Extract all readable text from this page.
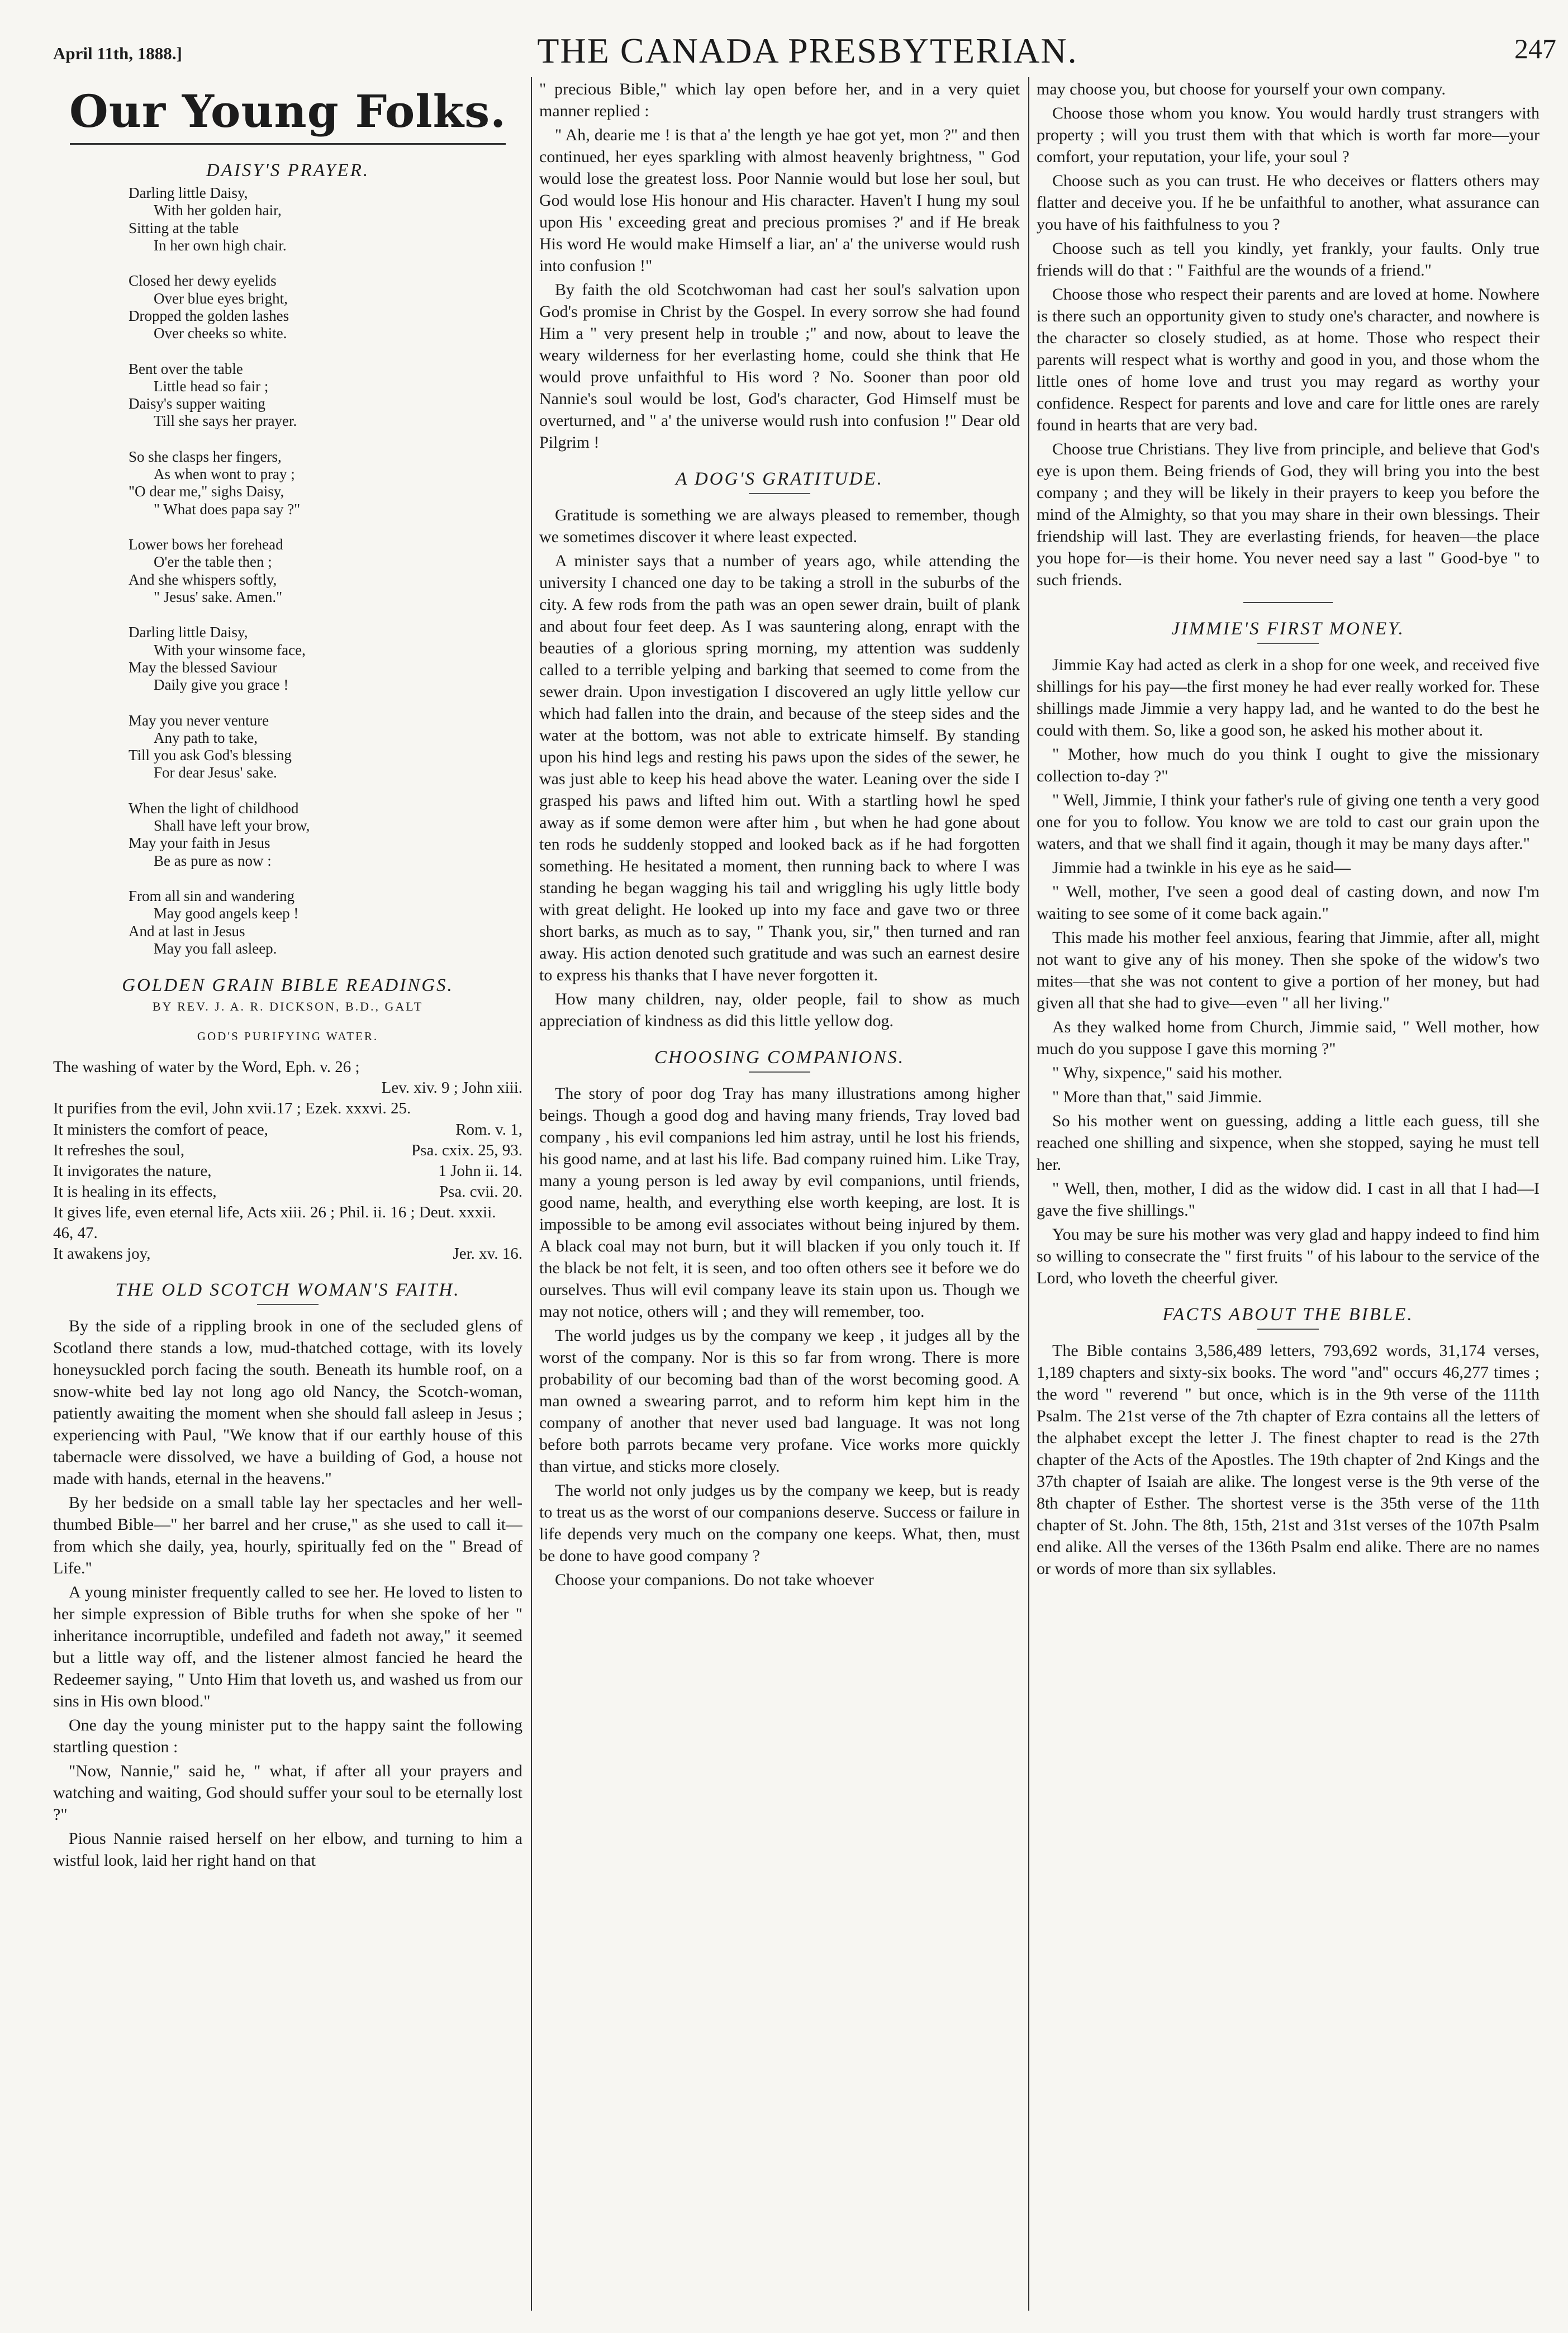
April 11th, 1888.]	THE CANADA PRESBYTERIAN.	247
Our Young Folks.
DAISY'S PRAYER.
Darling little Daisy,
With her golden hair,
Sitting at the table
In her own high chair.
Closed her dewy eyelids
Over blue eyes bright,
Dropped the golden lashes
Over cheeks so white.
Bent over the table
Little head so fair ;
Daisy's supper waiting
Till she says her prayer.
So she clasps her fingers,
As when wont to pray ;
"O dear me," sighs Daisy,
" What does papa say ?"
Lower bows her forehead
O'er the table then ;
And she whispers softly,
" Jesus' sake. Amen."
Darling little Daisy,
With your winsome face,
May the blessed Saviour
Daily give you grace !
May you never venture
Any path to take,
Till you ask God's blessing
For dear Jesus' sake.
When the light of childhood
Shall have left your brow,
May your faith in Jesus
Be as pure as now :
From all sin and wandering
May good angels keep !
And at last in Jesus
May you fall asleep.
GOLDEN GRAIN BIBLE READINGS.
BY REV. J. A. R. DICKSON, B.D., GALT
GOD'S PURIFYING WATER.
The washing of water by the Word, Eph. v. 26 ;
Lev. xiv. 9 ; John xiii.
It purifies from the evil, John xvii.17 ; Ezek. xxxvi. 25.
It ministers the comfort of peace,	Rom. v. 1,
It refreshes the soul,	Psa. cxix. 25, 93.
It invigorates the nature,	1 John ii. 14.
It is healing in its effects,	Psa. cvii. 20.
It gives life, even eternal life, Acts xiii. 26 ; Phil. ii. 16 ; Deut. xxxii. 46, 47.
It awakens joy,	Jer. xv. 16.
THE OLD SCOTCH WOMAN'S FAITH.

By the side of a rippling brook in one of the secluded glens of Scotland there stands a low, mud-thatched cottage, with its lovely honeysuckled porch facing the south. Beneath its humble roof, on a snow-white bed lay not long ago old Nancy, the Scotch-woman, patiently awaiting the moment when she should fall asleep in Jesus ; experiencing with Paul, "We know that if our earthly house of this tabernacle were dissolved, we have a building of God, a house not made with hands, eternal in the heavens."

By her bedside on a small table lay her spectacles and her well-thumbed Bible—" her barrel and her cruse," as she used to call it—from which she daily, yea, hourly, spiritually fed on the " Bread of Life."

A young minister frequently called to see her. He loved to listen to her simple expression of Bible truths for when she spoke of her " inheritance incorruptible, undefiled and fadeth not away," it seemed but a little way off, and the listener almost fancied he heard the Redeemer saying, " Unto Him that loveth us, and washed us from our sins in His own blood."

One day the young minister put to the happy saint the following startling question :

"Now, Nannie," said he, " what, if after all your prayers and watching and waiting, God should suffer your soul to be eternally lost ?"

Pious Nannie raised herself on her elbow, and turning to him a wistful look, laid her right hand on that

" precious Bible," which lay open before her, and in a very quiet manner replied :

" Ah, dearie me ! is that a' the length ye hae got yet, mon ?" and then continued, her eyes sparkling with almost heavenly brightness, " God would lose the greatest loss. Poor Nannie would but lose her soul, but God would lose His honour and His character. Haven't I hung my soul upon His ' exceeding great and precious promises ?' and if He break His word He would make Himself a liar, an' a' the universe would rush into confusion !"

By faith the old Scotchwoman had cast her soul's salvation upon God's promise in Christ by the Gospel. In every sorrow she had found Him a " very present help in trouble ;" and now, about to leave the weary wilderness for her everlasting home, could she think that He would prove unfaithful to His word ? No. Sooner than poor old Nannie's soul would be lost, God's character, God Himself must be overturned, and " a' the universe would rush into confusion !" Dear old Pilgrim !

A DOG'S GRATITUDE.

Gratitude is something we are always pleased to remember, though we sometimes discover it where least expected.

A minister says that a number of years ago, while attending the university I chanced one day to be taking a stroll in the suburbs of the city. A few rods from the path was an open sewer drain, built of plank and about four feet deep. As I was sauntering along, enrapt with the beauties of a glorious spring morning, my attention was suddenly called to a terrible yelping and barking that seemed to come from the sewer drain. Upon investigation I discovered an ugly little yellow cur which had fallen into the drain, and because of the steep sides and the water at the bottom, was not able to extricate himself. By standing upon his hind legs and resting his paws upon the sides of the sewer, he was just able to keep his head above the water. Leaning over the side I grasped his paws and lifted him out. With a startling howl he sped away as if some demon were after him , but when he had gone about ten rods he suddenly stopped and looked back as if he had forgotten something. He hesitated a moment, then running back to where I was standing he began wagging his tail and wriggling his ugly little body with great delight. He looked up into my face and gave two or three short barks, as much as to say, " Thank you, sir," then turned and ran away. His action denoted such gratitude and was such an earnest desire to express his thanks that I have never forgotten it.

How many children, nay, older people, fail to show as much appreciation of kindness as did this little yellow dog.

CHOOSING COMPANIONS.

The story of poor dog Tray has many illustrations among higher beings. Though a good dog and having many friends, Tray loved bad company , his evil companions led him astray, until he lost his friends, his good name, and at last his life. Bad company ruined him. Like Tray, many a young person is led away by evil companions, until friends, good name, health, and everything else worth keeping, are lost. It is impossible to be among evil associates without being injured by them. A black coal may not burn, but it will blacken if you only touch it. If the black be not felt, it is seen, and too often others see it before we do ourselves. Thus will evil company leave its stain upon us. Though we may not notice, others will ; and they will remember, too.

The world judges us by the company we keep , it judges all by the worst of the company. Nor is this so far from wrong. There is more probability of our becoming bad than of the worst becoming good. A man owned a swearing parrot, and to reform him kept him in the company of another that never used bad language. It was not long before both parrots became very profane. Vice works more quickly than virtue, and sticks more closely.

The world not only judges us by the company we keep, but is ready to treat us as the worst of our companions deserve. Success or failure in life depends very much on the company one keeps. What, then, must be done to have good company ?

Choose your companions. Do not take whoever

may choose you, but choose for yourself your own company.

Choose those whom you know. You would hardly trust strangers with property ; will you trust them with that which is worth far more—your comfort, your reputation, your life, your soul ?

Choose such as you can trust. He who deceives or flatters others may flatter and deceive you. If he be unfaithful to another, what assurance can you have of his faithfulness to you ?

Choose such as tell you kindly, yet frankly, your faults. Only true friends will do that : " Faithful are the wounds of a friend."

Choose those who respect their parents and are loved at home. Nowhere is there such an opportunity given to study one's character, and nowhere is the character so closely studied, as at home. Those who respect their parents will respect what is worthy and good in you, and those whom the little ones of home love and trust you may regard as worthy your confidence. Respect for parents and love and care for little ones are rarely found in hearts that are very bad.

Choose true Christians. They live from principle, and believe that God's eye is upon them. Being friends of God, they will bring you into the best company ; and they will be likely in their prayers to keep you before the mind of the Almighty, so that you may share in their own blessings. Their friendship will last. They are everlasting friends, for heaven—the place you hope for—is their home. You never need say a last " Good-bye " to such friends.

JIMMIE'S FIRST MONEY.

Jimmie Kay had acted as clerk in a shop for one week, and received five shillings for his pay—the first money he had ever really worked for. These shillings made Jimmie a very happy lad, and he wanted to do the best he could with them. So, like a good son, he asked his mother about it.

" Mother, how much do you think I ought to give the missionary collection to-day ?"

" Well, Jimmie, I think your father's rule of giving one tenth a very good one for you to follow. You know we are told to cast our grain upon the waters, and that we shall find it again, though it may be many days after."

Jimmie had a twinkle in his eye as he said—

" Well, mother, I've seen a good deal of casting down, and now I'm waiting to see some of it come back again."

This made his mother feel anxious, fearing that Jimmie, after all, might not want to give any of his money. Then she spoke of the widow's two mites—that she was not content to give a portion of her money, but had given all that she had to give—even " all her living."

As they walked home from Church, Jimmie said, " Well mother, how much do you suppose I gave this morning ?"

" Why, sixpence," said his mother.

" More than that," said Jimmie.

So his mother went on guessing, adding a little each guess, till she reached one shilling and sixpence, when she stopped, saying he must tell her.

" Well, then, mother, I did as the widow did. I cast in all that I had—I gave the five shillings."

You may be sure his mother was very glad and happy indeed to find him so willing to consecrate the " first fruits " of his labour to the service of the Lord, who loveth the cheerful giver.

FACTS ABOUT THE BIBLE.

The Bible contains 3,586,489 letters, 793,692 words, 31,174 verses, 1,189 chapters and sixty-six books. The word "and" occurs 46,277 times ; the word " reverend " but once, which is in the 9th verse of the 111th Psalm. The 21st verse of the 7th chapter of Ezra contains all the letters of the alphabet except the letter J. The finest chapter to read is the 27th chapter of the Acts of the Apostles. The 19th chapter of 2nd Kings and the 37th chapter of Isaiah are alike. The longest verse is the 9th verse of the 8th chapter of Esther. The shortest verse is the 35th verse of the 11th chapter of St. John. The 8th, 15th, 21st and 31st verses of the 107th Psalm end alike. All the verses of the 136th Psalm end alike. There are no names or words of more than six syllables.
